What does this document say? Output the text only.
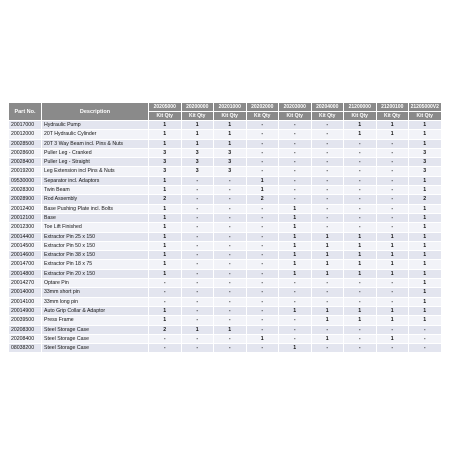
Part No.	Description	20205000	20200000	20201000	20202000	20203000	20204000	21200000	21200100	21205000V2
		Kit Qty	Kit Qty	Kit Qty	Kit Qty	Kit Qty	Kit Qty	Kit Qty	Kit Qty	Kit Qty
20017000	Hydraulic Pump	1	1	1	-	-	-	1	1	1
20012000	20T Hydraulic Cylinder	1	1	1	-	-	-	1	1	1
20028500	20T 3 Way Beam incl. Pins & Nuts	1	1	1	-	-	-	-	-	1
20028600	Puller Leg - Cranked	3	3	3	-	-	-	-	-	3
20028400	Puller Leg - Straight	3	3	3	-	-	-	-	-	3
20019200	Leg Extension incl Pins & Nuts	3	3	3	-	-	-	-	-	3
09530000	Separator incl. Adaptors	1	-	-	1	-	-	-	-	1
20028300	Twin Beam	1	-	-	1	-	-	-	-	1
20028900	Rod Assembly	2	-	-	2	-	-	-	-	2
20012400	Base Pushing Plate incl. Bolts	1	-	-	-	1	-	-	-	1
20012100	Base	1	-	-	-	1	-	-	-	1
20012300	Toe Lift Finished	1	-	-	-	1	-	-	-	1
20014400	Extractor Pin 25 x 150	1	-	-	-	1	1	1	1	1
20014500	Extractor Pin 50 x 150	1	-	-	-	1	1	1	1	1
20014600	Extractor Pin 38 x 150	1	-	-	-	1	1	1	1	1
20014700	Extractor Pin 18 x 75	1	-	-	-	1	1	1	1	1
20014800	Extractor Pin 20 x 150	1	-	-	-	1	1	1	1	1
20014270	Optare Pin	-	-	-	-	-	-	-	-	1
20014000	33mm short pin	-	-	-	-	-	-	-	-	1
20014100	33mm long pin	-	-	-	-	-	-	-	-	1
20014900	Auto Grip Collar & Adaptor	1	-	-	-	1	1	1	1	1
20039500	Press Frame	1	-	-	-	-	1	1	1	1
20208300	Steel Storage Case	2	1	1	-	-	-	-	-	-
20208400	Steel Storage Case	-	-	-	1	-	1	-	1	-
08038200	Steel Storage Case	-	-	-	-	1	-	-	-	-
